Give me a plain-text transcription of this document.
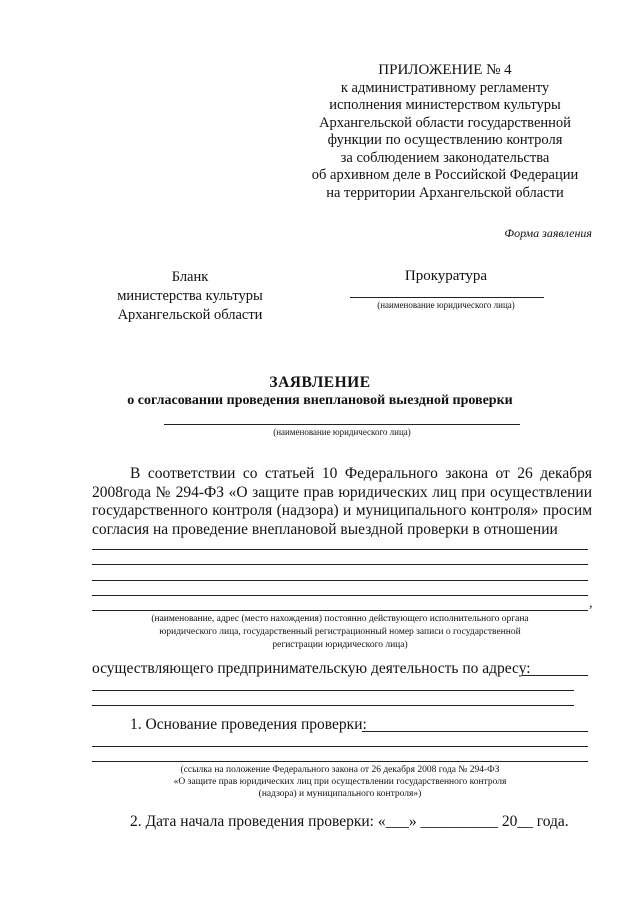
ПРИЛОЖЕНИЕ № 4
к административному регламенту
исполнения министерством культуры
Архангельской области государственной
функции по осуществлению контроля
за соблюдением законодательства
об архивном деле в Российской Федерации
на территории Архангельской области
Форма заявления
Бланк
министерства культуры
Архангельской области
Прокуратура
(наименование юридического лица)
ЗАЯВЛЕНИЕ
о согласовании проведения внеплановой выездной проверки
(наименование юридического лица)
В соответствии со статьей 10 Федерального закона от 26 декабря 2008года № 294-ФЗ «О защите прав юридических лиц при осуществлении государственного контроля (надзора) и муниципального контроля» просим согласия на проведение внеплановой выездной проверки в отношении
,
(наименование, адрес (место нахождения) постоянно действующего исполнительного органа
юридического лица, государственный регистрационный номер записи о государственной
регистрации юридического лица)
осуществляющего предпринимательскую деятельность по адресу:
1. Основание проведения проверки:
(ссылка на положение Федерального закона от 26 декабря 2008 года № 294-ФЗ
«О защите прав юридических лиц при осуществлении государственного контроля
(надзора) и муниципального контроля»)
2. Дата начала проведения проверки: «___» __________ 20__ года.
